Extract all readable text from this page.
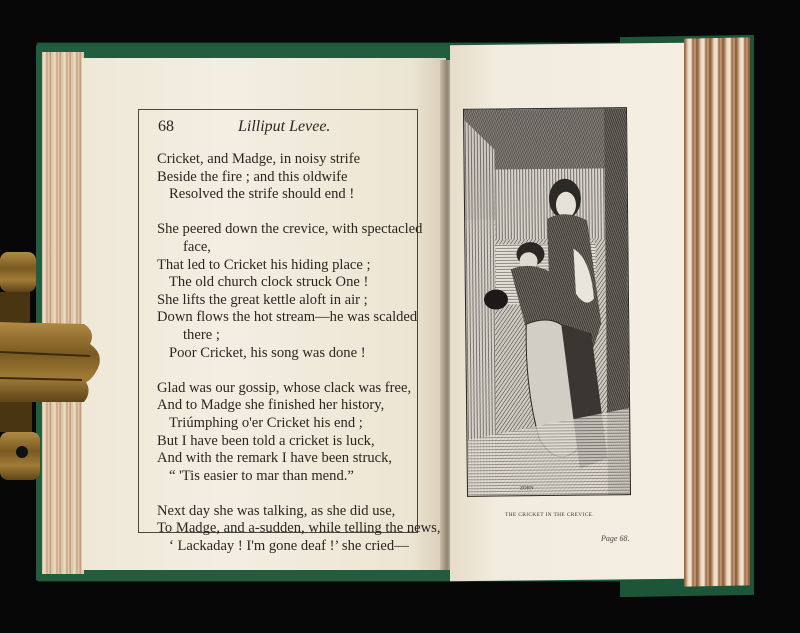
68	Lilliput Levee.
Cricket, and Madge, in noisy strife
Beside the fire ; and this oldwife
Resolved the strife should end !
She peered down the crevice, with spectacled
face,
That led to Cricket his hiding place ;
The old church clock struck One !
She lifts the great kettle aloft in air ;
Down flows the hot stream—he was scalded
there ;
Poor Cricket, his song was done !
Glad was our gossip, whose clack was free,
And to Madge she finished her history,
Triúmphing o'er Cricket his end ;
But I have been told a cricket is luck,
And with the remark I have been struck,
“ 'Tis easier to mar than mend.”
Next day she was talking, as she did use,
To Madge, and a-sudden, while telling the news,
‘ Lackaday ! I'm gone deaf !’ she cried—
ZORN
THE CRICKET IN THE CREVICE.
Page 68.
